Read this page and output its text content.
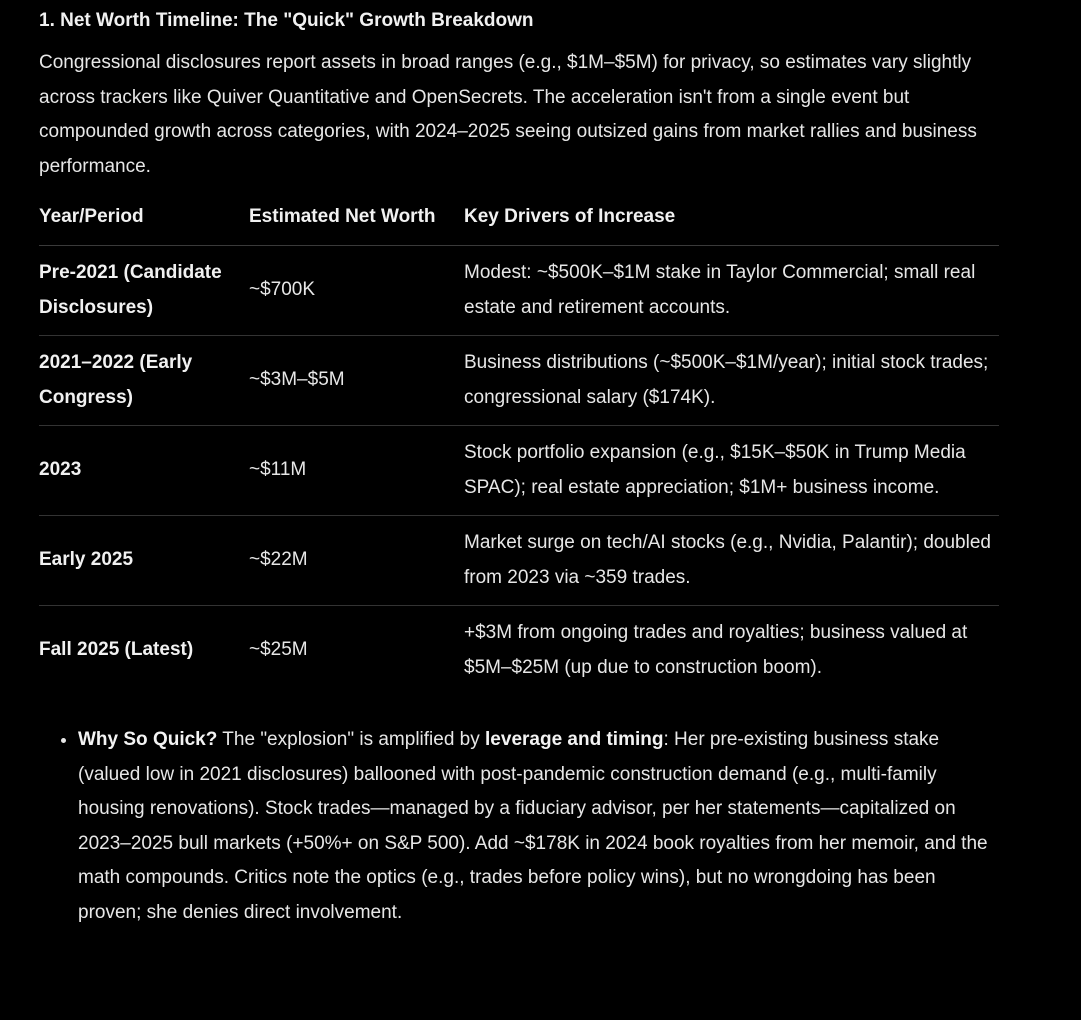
1. Net Worth Timeline: The "Quick" Growth Breakdown

Congressional disclosures report assets in broad ranges (e.g., $1M–$5M) for privacy, so estimates vary slightly across trackers like Quiver Quantitative and OpenSecrets. The acceleration isn't from a single event but compounded growth across categories, with 2024–2025 seeing outsized gains from market rallies and business performance.

Year/Period	Estimated Net Worth	Key Drivers of Increase
Pre-2021 (Candidate Disclosures)	~$700K	Modest: ~$500K–$1M stake in Taylor Commercial; small real estate and retirement accounts.
2021–2022 (Early Congress)	~$3M–$5M	Business distributions (~$500K–$1M/year); initial stock trades; congressional salary ($174K).
2023	~$11M	Stock portfolio expansion (e.g., $15K–$50K in Trump Media SPAC); real estate appreciation; $1M+ business income.
Early 2025	~$22M	Market surge on tech/AI stocks (e.g., Nvidia, Palantir); doubled from 2023 via ~359 trades.
Fall 2025 (Latest)	~$25M	+$3M from ongoing trades and royalties; business valued at $5M–$25M (up due to construction boom).
• Why So Quick? The "explosion" is amplified by leverage and timing: Her pre-existing business stake (valued low in 2021 disclosures) ballooned with post-pandemic construction demand (e.g., multi-family housing renovations). Stock trades—managed by a fiduciary advisor, per her statements—capitalized on 2023–2025 bull markets (+50%+ on S&P 500). Add ~$178K in 2024 book royalties from her memoir, and the math compounds. Critics note the optics (e.g., trades before policy wins), but no wrongdoing has been proven; she denies direct involvement.
